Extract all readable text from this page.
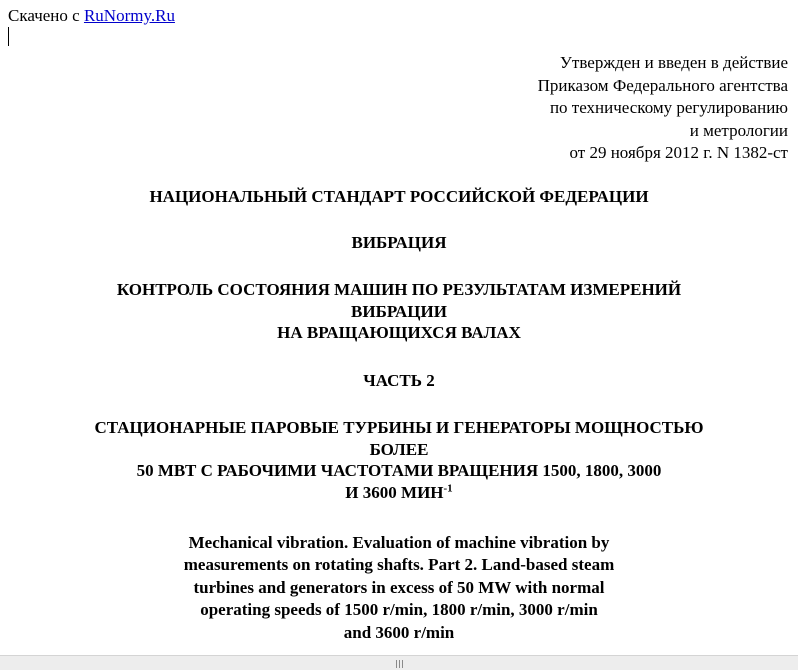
Скачено с RuNormy.Ru
Утвержден и введен в действие
Приказом Федерального агентства
по техническому регулированию
и метрологии
от 29 ноября 2012 г. N 1382-ст
НАЦИОНАЛЬНЫЙ СТАНДАРТ РОССИЙСКОЙ ФЕДЕРАЦИИ
ВИБРАЦИЯ
КОНТРОЛЬ СОСТОЯНИЯ МАШИН ПО РЕЗУЛЬТАТАМ ИЗМЕРЕНИЙ
ВИБРАЦИИ
НА ВРАЩАЮЩИХСЯ ВАЛАХ
ЧАСТЬ 2
СТАЦИОНАРНЫЕ ПАРОВЫЕ ТУРБИНЫ И ГЕНЕРАТОРЫ МОЩНОСТЬЮ
БОЛЕЕ
50 МВТ С РАБОЧИМИ ЧАСТОТАМИ ВРАЩЕНИЯ 1500, 1800, 3000
И 3600 $МИН^{-1}$
Mechanical vibration. Evaluation of machine vibration by
measurements on rotating shafts. Part 2. Land-based steam
turbines and generators in excess of 50 MW with normal
operating speeds of 1500 r/min, 1800 r/min, 3000 r/min
and 3600 r/min
